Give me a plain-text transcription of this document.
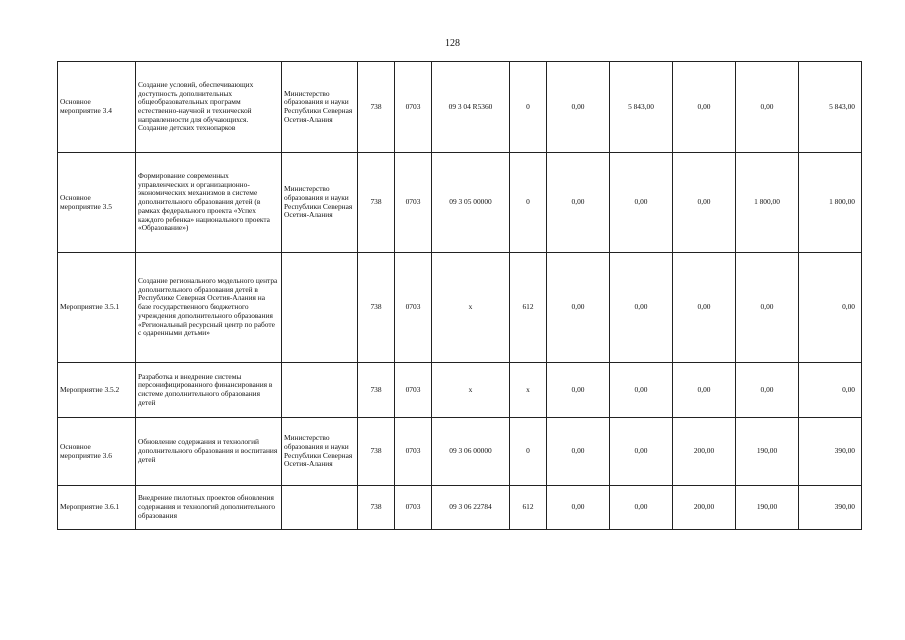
128
Основное мероприятие 3.4	Создание условий, обеспечивающих доступность дополнительных общеобразовательных программ естественно-научной и технической направленности для обучающихся. Создание детских технопарков	Министерство образования и науки Республики Северная Осетия-Алания	738	0703	09 3 04 R5360	0	0,00	5 843,00	0,00	0,00	5 843,00
Основное мероприятие 3.5	Формирование современных управленческих и организационно-экономических механизмов в системе дополнительного образования детей (в рамках федерального проекта «Успех каждого ребенка» национального проекта «Образование»)	Министерство образования и науки Республики Северная Осетия-Алания	738	0703	09 3 05 00000	0	0,00	0,00	0,00	1 800,00	1 800,00
Мероприятие 3.5.1	Создание регионального модельного центра дополнительного образования детей в Республике Северная Осетия-Алания на базе государственного бюджетного учреждения дополнительного образования «Региональный ресурсный центр по работе с одаренными детьми»		738	0703	х	612	0,00	0,00	0,00	0,00	0,00
Мероприятие 3.5.2	Разработка и внедрение системы персонифицированного финансирования в системе дополнительного образования детей		738	0703	х	х	0,00	0,00	0,00	0,00	0,00
Основное мероприятие 3.6	Обновление содержания и технологий дополнительного образования и воспитания детей	Министерство образования и науки Республики Северная Осетия-Алания	738	0703	09 3 06 00000	0	0,00	0,00	200,00	190,00	390,00
Мероприятие 3.6.1	Внедрение пилотных проектов обновления содержания и технологий дополнительного образования		738	0703	09 3 06 22784	612	0,00	0,00	200,00	190,00	390,00
